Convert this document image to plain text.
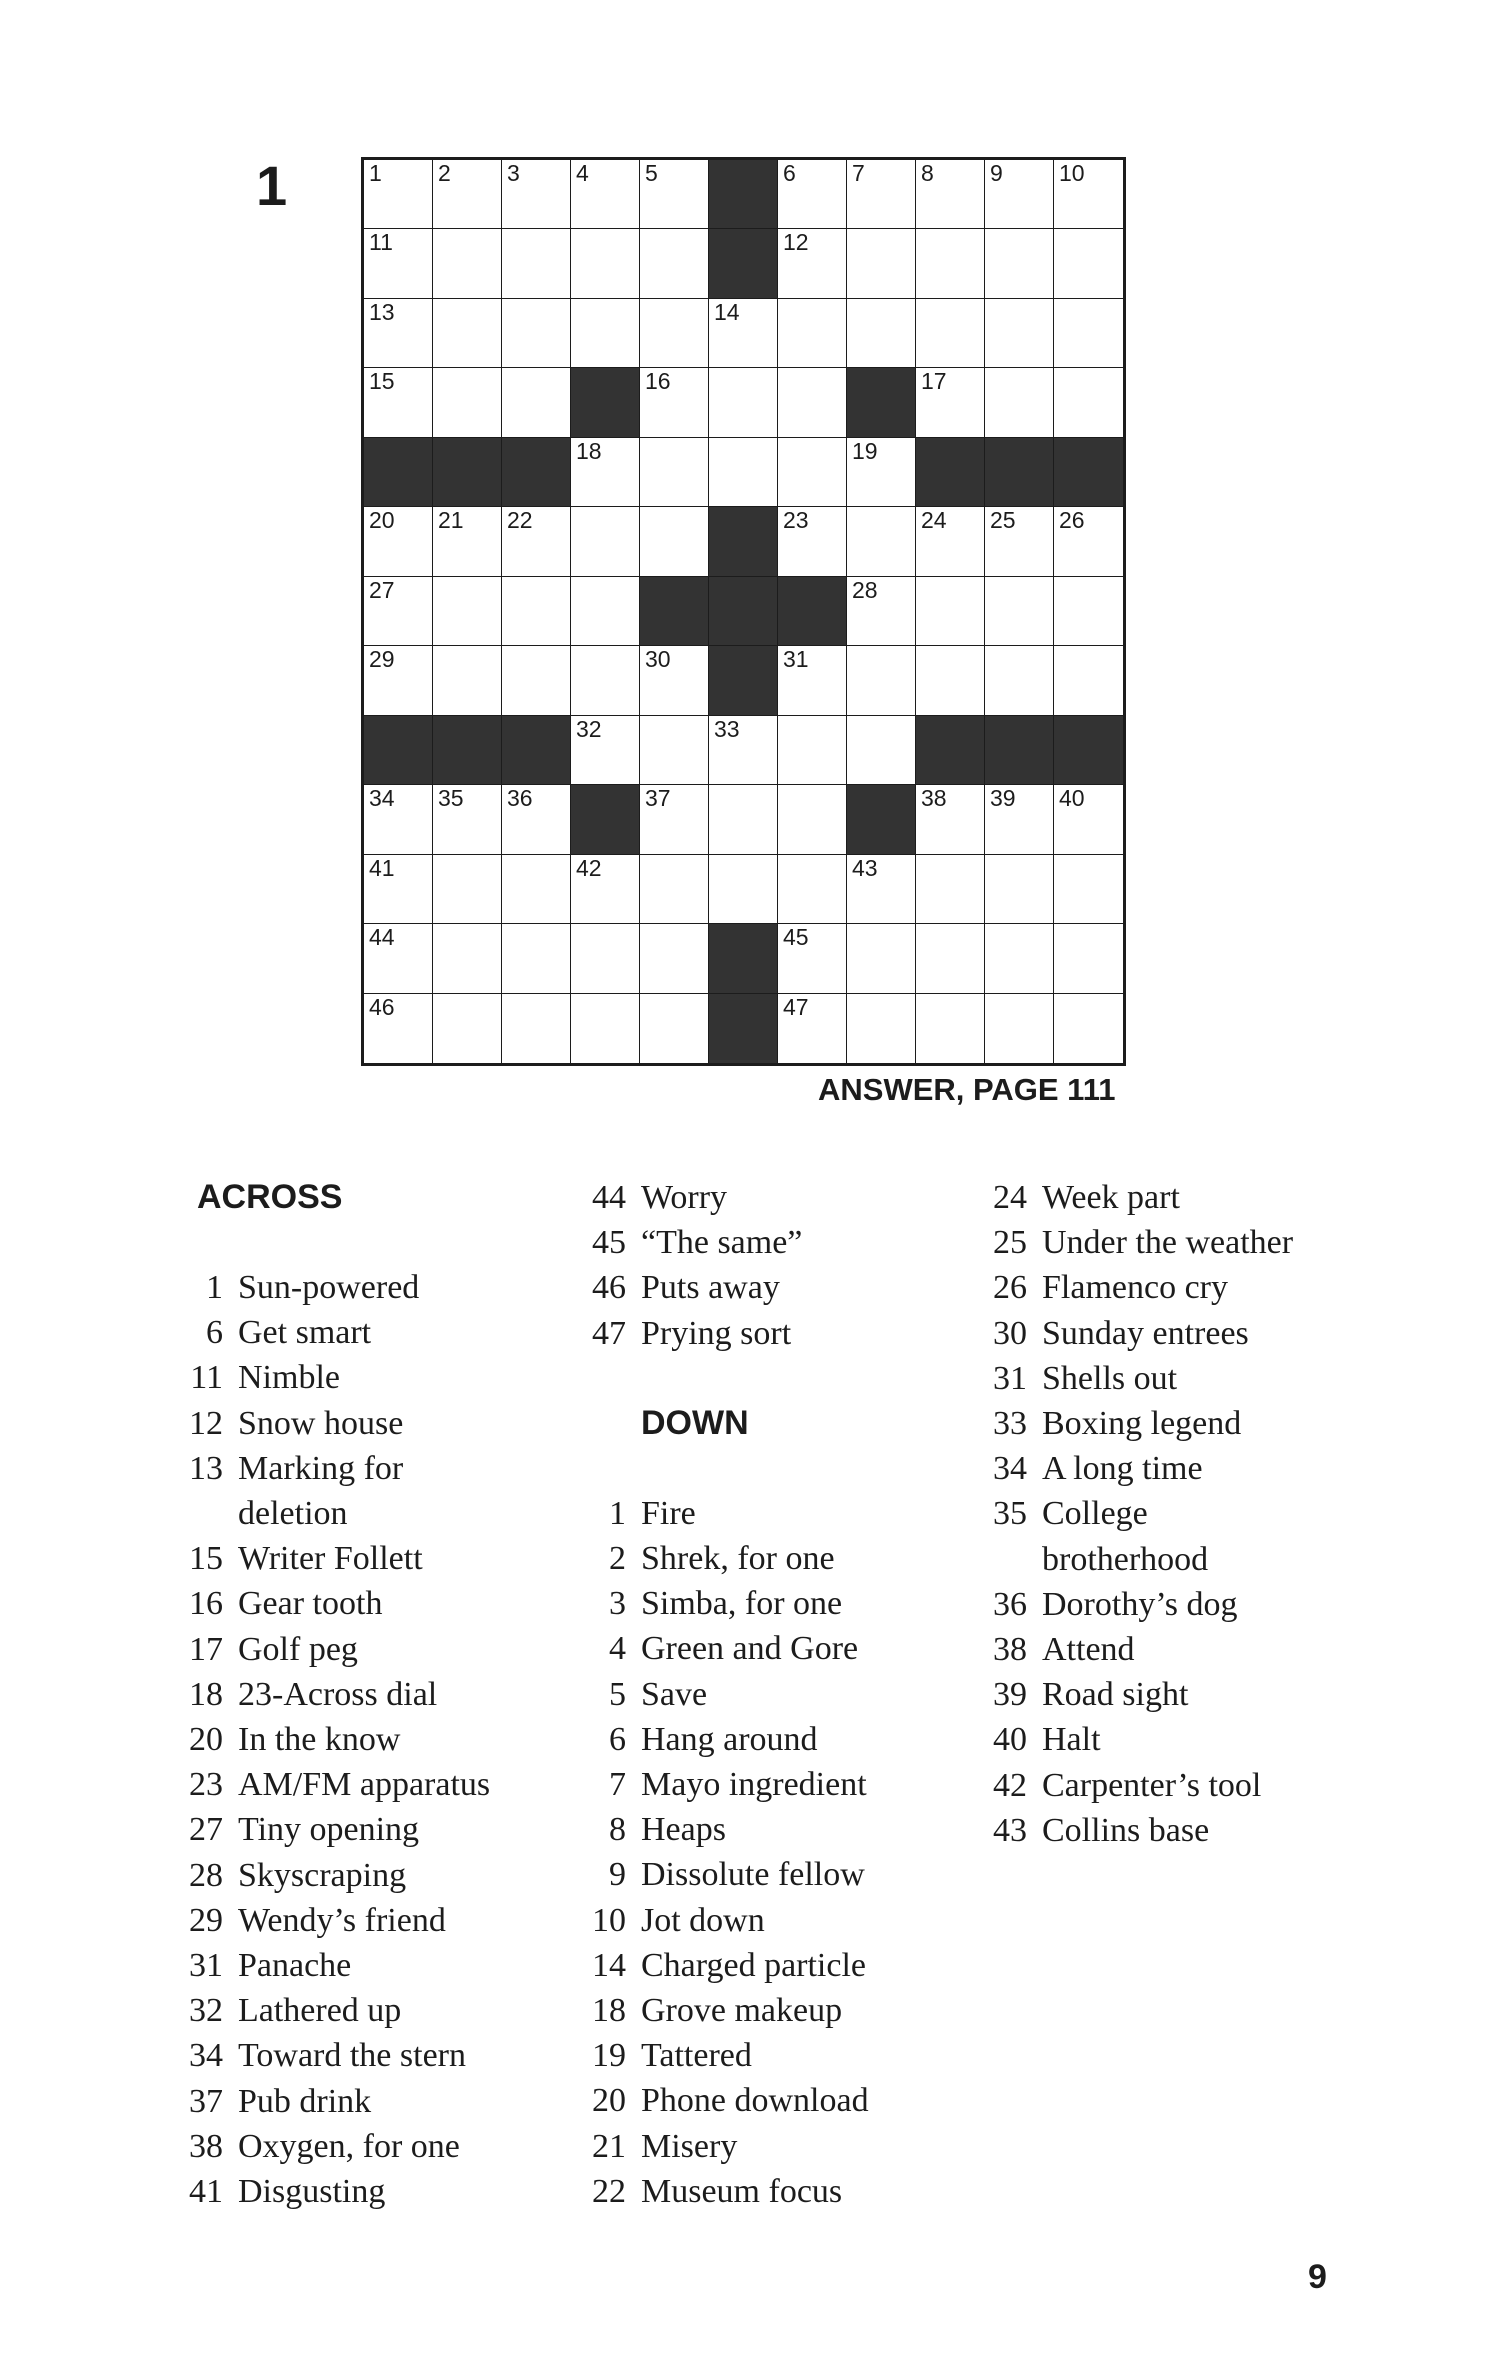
1	1 2 3 4 5	6 7 8 9 10
11	12
13	14
15	16	17
18	19
20 21 22	23	24 25 26
27	28
29	30	31
32	33
34 35 36	37	38 39 40
41	42	43
44	45
46	47
ANSWER, PAGE 111
ACROSS
1 Sun-powered
6 Get smart
11 Nimble
12 Snow house
13 Marking for
deletion
15 Writer Follett
16 Gear tooth
17 Golf peg
18 23-Across dial
20 In the know
23 AM/FM apparatus
27 Tiny opening
28 Skyscraping
29 Wendy’s friend
31 Panache
32 Lathered up
34 Toward the stern
37 Pub drink
38 Oxygen, for one
41 Disgusting
44 Worry
45 “The same”
46 Puts away
47 Prying sort
DOWN
1 Fire
2 Shrek, for one
3 Simba, for one
4 Green and Gore
5 Save
6 Hang around
7 Mayo ingredient
8 Heaps
9 Dissolute fellow
10 Jot down
14 Charged particle
18 Grove makeup
19 Tattered
20 Phone download
21 Misery
22 Museum focus
24 Week part
25 Under the weather
26 Flamenco cry
30 Sunday entrees
31 Shells out
33 Boxing legend
34 A long time
35 College
brotherhood
36 Dorothy’s dog
38 Attend
39 Road sight
40 Halt
42 Carpenter’s tool
43 Collins base
9
